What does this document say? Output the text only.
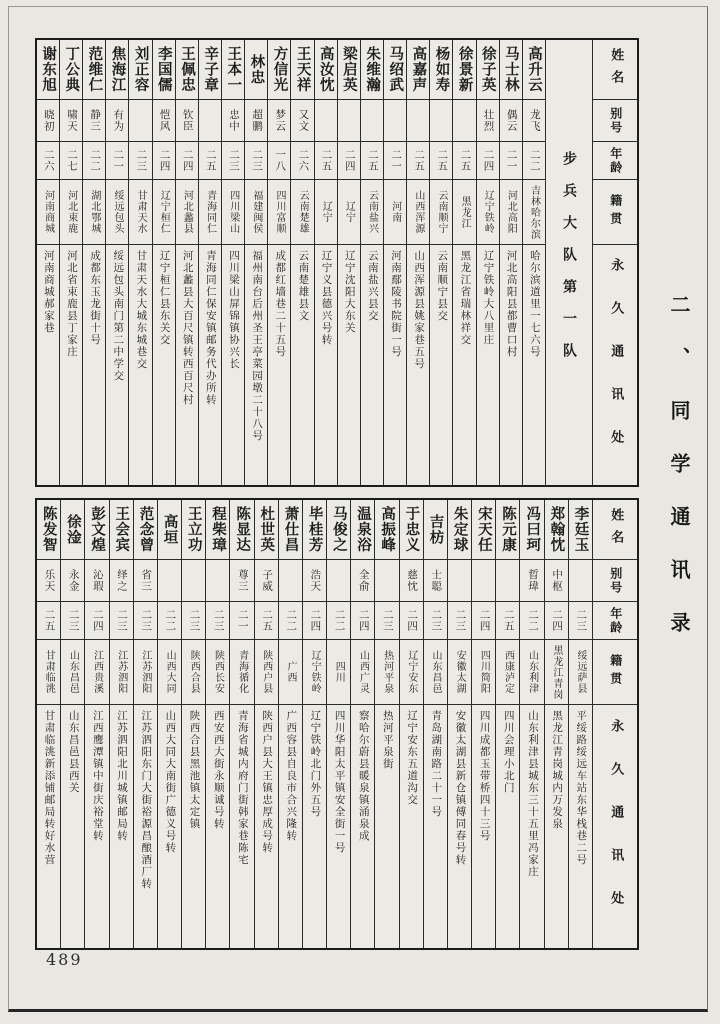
二、同学通讯录
姓名
别号
年龄
籍贯
永久通讯处
步兵大队第一队
高升云
龙飞
二二
吉林哈尔滨
哈尔滨道里一七六号
马士林
偶云
二一
河北高阳
河北高阳县都曹口村
徐子英
壮烈
二四
辽宁铁岭
辽宁铁岭大八里庄
徐景新
二五
黑龙江
黑龙江省瑞林祥交
杨如寿
二五
云南顺宁
云南顺宁县交
高嘉声
二五
山西浑源
山西浑源县姚家巷五号
马绍武
二一
河南
河南鄢陵书院街一号
朱维瀚
二五
云南盐兴
云南盐兴县交
梁启英
二四
辽宁
辽宁沈阳大东关
高汝忱
二五
辽宁
辽宁义县德兴号转
王天祥
又文
二六
云南楚雄
云南楚雄县文
方信光
梦云
一八
四川富顺
成都红墙巷二十五号
林忠
超鹏
二三
福建闽侯
福州南台后州圣王亭菜园墩二十八号
王本一
忠中
二三
四川梁山
四川梁山屏锦镇协兴长
辛子章
二五
青海同仁
青海同仁保安镇邮务代办所转
王佩忠
钦臣
二四
河北蠡县
河北蠡县大百尺镇转西百尺村
李国儒
恺风
二四
辽宁桓仁
辽宁桓仁县东关交
刘正容
二三
甘肃天水
甘肃天水大城东城巷交
焦海江
有为
二一
绥远包头
绥远包头南门第二中学交
范维仁
静三
二二
湖北鄂城
成都东玉龙街十号
丁公典
啸天
二七
河北束鹿
河北省束鹿县丁家庄
谢东旭
晓初
二六
河南商城
河南商城郝家巷
姓名
别号
年龄
籍贯
永久通讯处
李廷玉
二三
绥远萨县
平绥路绥远车站东华栈巷二号
郑翰忱
中枢
二四
黑龙江青岗
黑龙江青岗城内万发泉
冯曰珂
晢瑋
二二
山东利津
山东利津县城东三十五里冯家庄
陈元康
二五
西康泸定
四川会理小北门
宋天任
二四
四川简阳
四川成都玉带桥四十三号
朱定球
二三
安徽太湖
安徽太湖县新仓镇傅同春号转
吉枋
士聪
二三
山东昌邑
青岛湖南路二十一号
于忠义
慈忱
二四
辽宁安东
辽宁安东五道沟交
高振峰
二三
热河平泉
热河平泉街
温泉浴
全俞
二四
山西广灵
察哈尔蔚县暖泉镇涌泉成
马俊之
二二
四川
四川华阳太平镇安全街一号
毕桂芳
浩天
二四
辽宁铁岭
辽宁铁岭北门外五号
萧仕昌
二二
广西
广西容县自良市合兴隆转
杜世英
子威
二五
陕西户县
陕西户县大王镇忠厚成号转
陈显达
尊三
二一
青海循化
青海省城内府门街韩家巷陈宅
程柴璋
二三
陕西长安
西安西大街永顺诚号转
王立功
二三
陕西合县
陕西合县黑池镇太定镇
高垣
二二
山西大同
山西大同大南街广德义号转
范念曾
省三
二三
江苏泗阳
江苏泗阳东门大街裕源昌酿酒厂转
王会宾
绎之
二三
江苏泗阳
江苏泗阳北川城镇邮局转
彭文煌
沁瑕
二四
江西贵溪
江西鹰潭镇中街庆裕堂转
徐淦
永金
二三
山东昌邑
山东昌邑县西关
陈发智
乐天
二五
甘肃临洮
甘肃临洮新添铺邮局转好水营
489
